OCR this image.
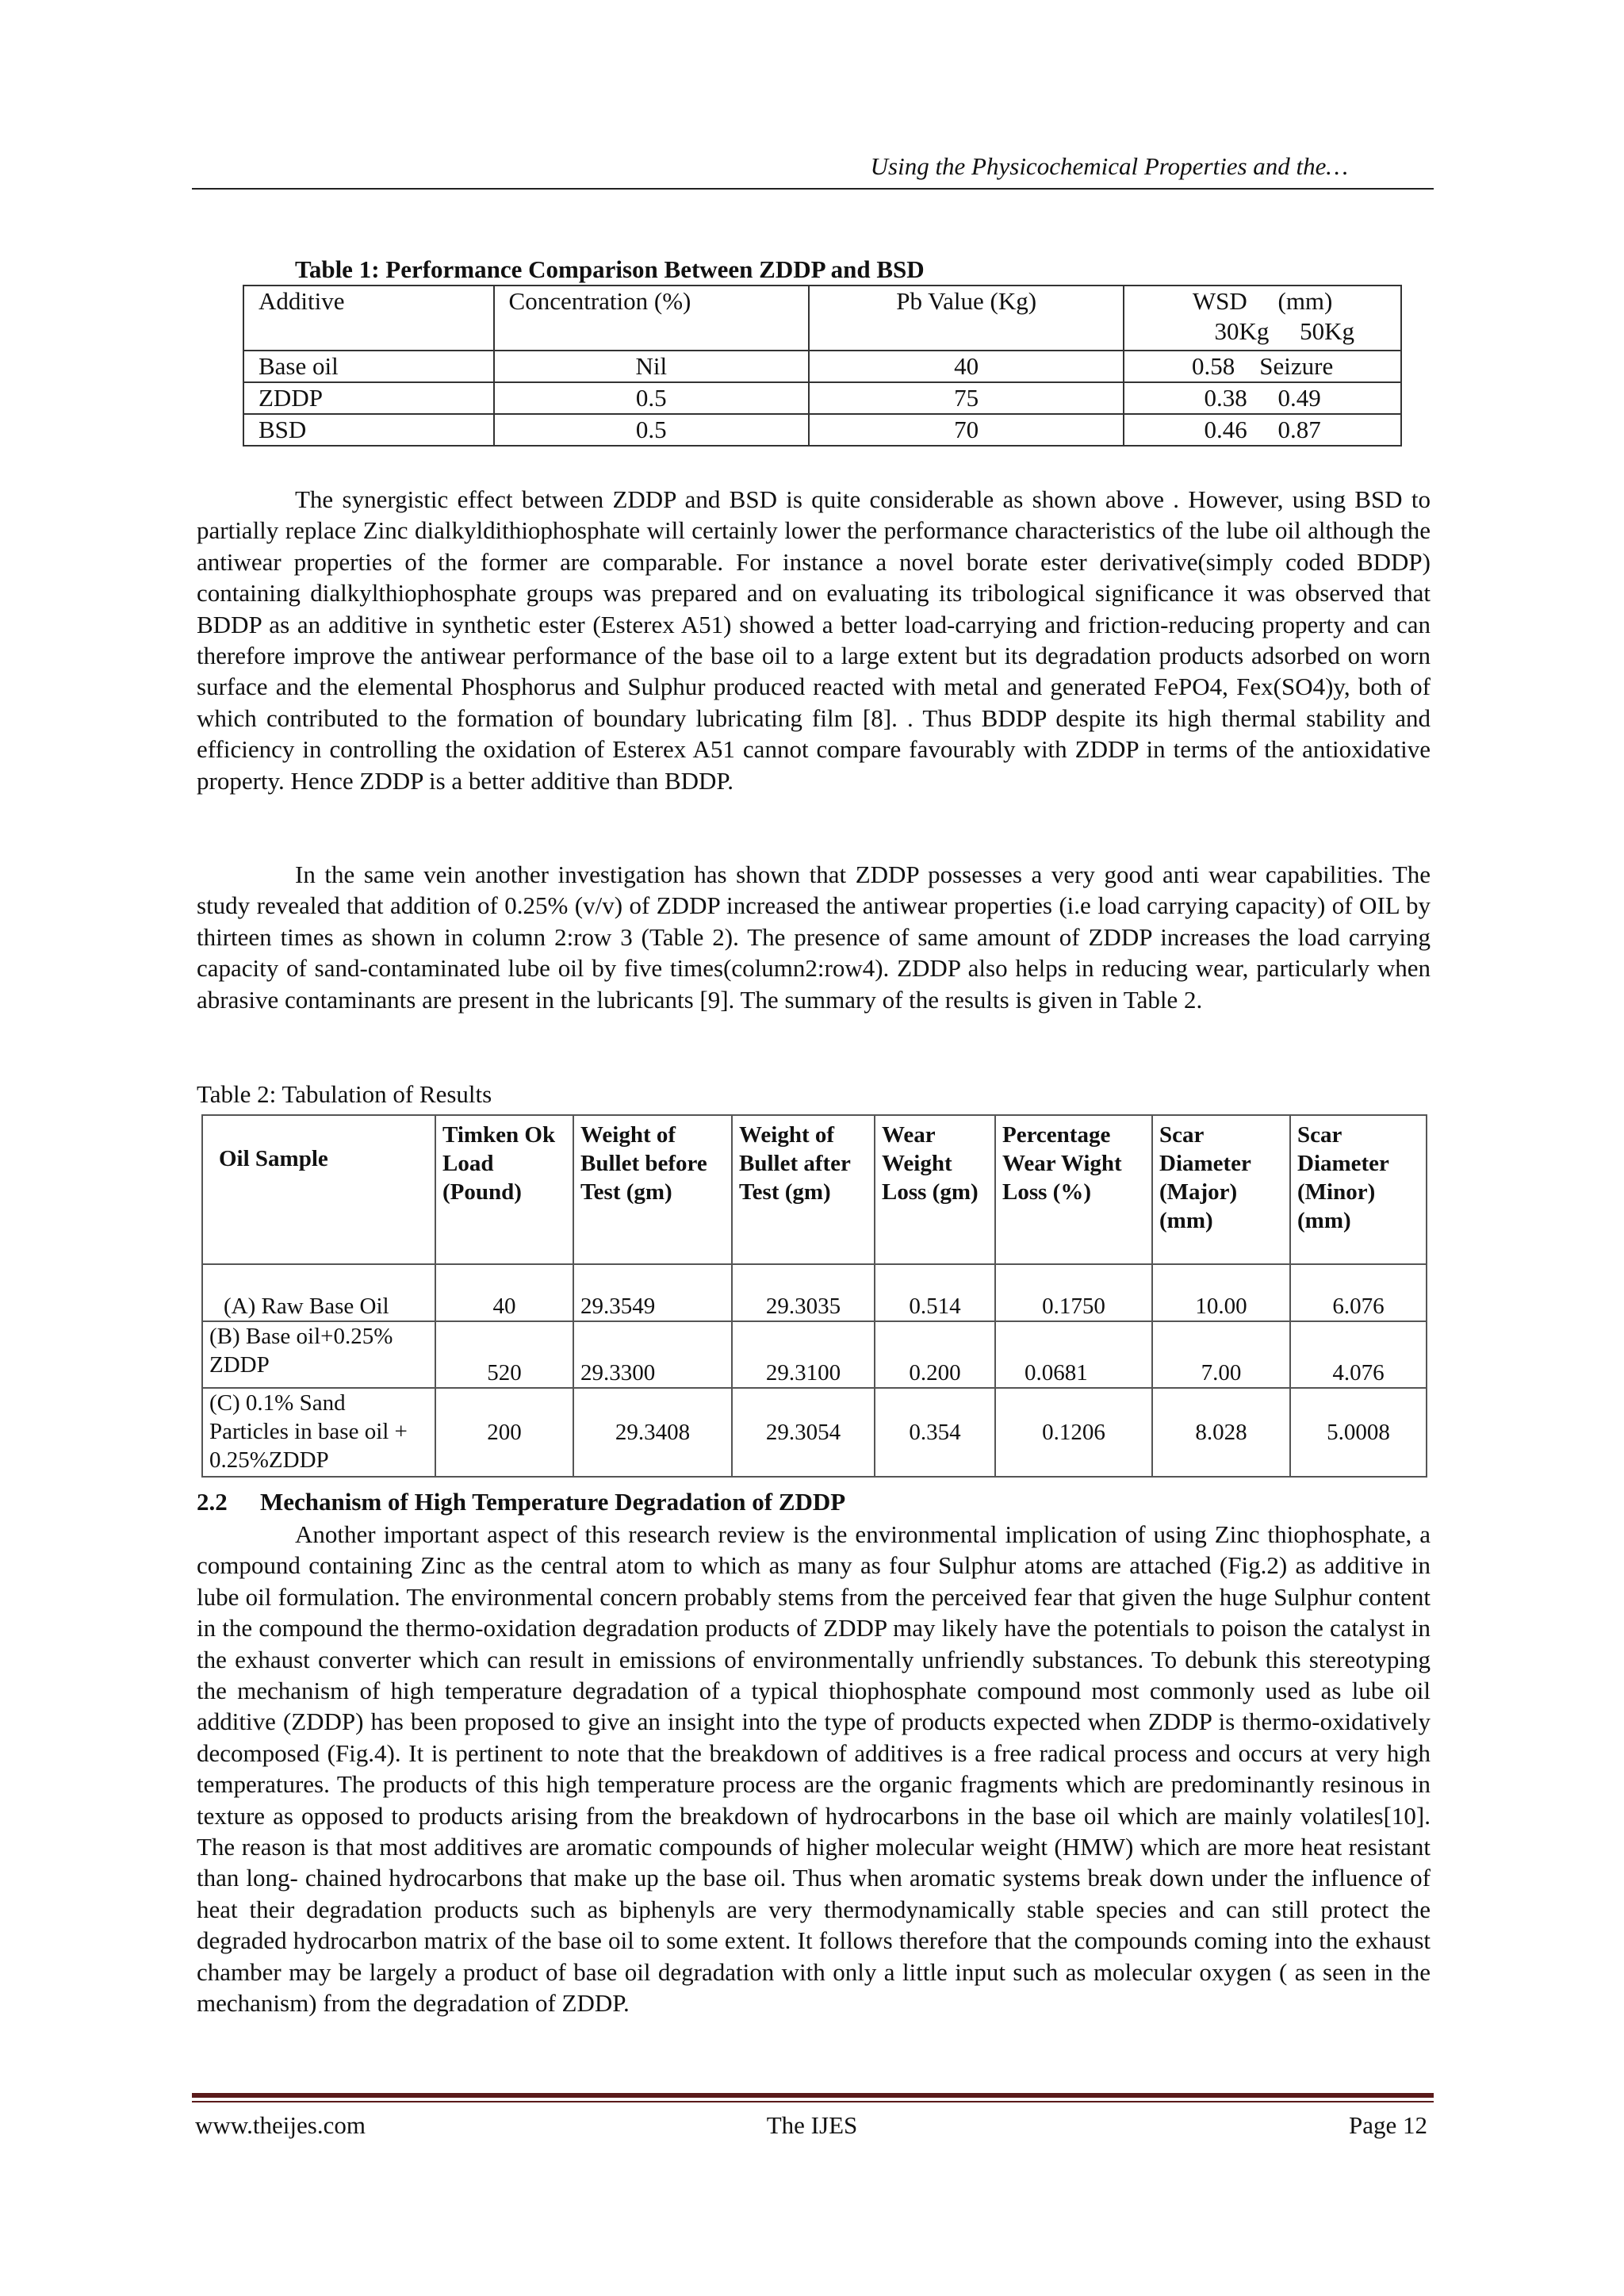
Using the Physicochemical Properties and the…
Table 1: Performance Comparison Between ZDDP and BSD
Additive	Concentration (%)	Pb Value (Kg)	WSD     (mm)
30Kg     50Kg

Base oil	Nil	40	0.58    Seizure
ZDDP	0.5	75	0.38     0.49
BSD	0.5	70	0.46     0.87

The synergistic effect between ZDDP and BSD is quite considerable as shown above . However, using BSD to partially replace Zinc dialkyldithiophosphate will certainly lower the performance characteristics of the lube oil although the antiwear properties of the former are comparable. For instance a novel borate ester derivative(simply coded BDDP) containing dialkylthiophosphate groups was prepared and on evaluating its tribological significance it was observed that BDDP as an additive in synthetic ester (Esterex A51) showed a better load-carrying and friction-reducing property and can therefore improve the antiwear performance of the base oil to a large extent but its degradation products adsorbed on worn surface and the elemental Phosphorus and Sulphur produced reacted with metal and generated FePO4, Fex(SO4)y, both of which contributed to the formation of boundary lubricating film [8]. . Thus BDDP despite its high thermal stability and efficiency in controlling the oxidation of Esterex A51 cannot compare favourably with ZDDP in terms of the antioxidative property. Hence ZDDP is a better additive than BDDP.

In the same vein another investigation has shown that ZDDP possesses a very good anti wear capabilities. The study revealed that addition of 0.25% (v/v) of ZDDP increased the antiwear properties (i.e load carrying capacity) of OIL by thirteen times as shown in column 2:row 3 (Table 2). The presence of same amount of ZDDP increases the load carrying capacity of sand-contaminated lube oil by five times(column2:row4). ZDDP also helps in reducing wear, particularly when abrasive contaminants are present in the lubricants [9]. The summary of the results is given in Table 2.

Table 2: Tabulation of Results
Oil Sample	Timken Ok Load (Pound)	Weight of Bullet before Test (gm)	Weight of Bullet after Test (gm)	Wear Weight Loss (gm)	Percentage Wear Wight Loss (%)	Scar Diameter (Major) (mm)	Scar Diameter (Minor) (mm)
(A) Raw Base Oil	40	29.3549	29.3035	0.514	0.1750	10.00	6.076
(B) Base oil+0.25% ZDDP	520	29.3300	29.3100	0.200	0.0681	7.00	4.076
(C) 0.1% Sand Particles in base oil + 0.25%ZDDP	200	29.3408	29.3054	0.354	0.1206	8.028	5.0008
2.2 Mechanism of High Temperature Degradation of ZDDP

Another important aspect of this research review is the environmental implication of using Zinc thiophosphate, a compound containing Zinc as the central atom to which as many as four Sulphur atoms are attached (Fig.2) as additive in lube oil formulation. The environmental concern probably stems from the perceived fear that given the huge Sulphur content in the compound the thermo-oxidation degradation products of ZDDP may likely have the potentials to poison the catalyst in the exhaust converter which can result in emissions of environmentally unfriendly substances. To debunk this stereotyping the mechanism of high temperature degradation of a typical thiophosphate compound most commonly used as lube oil additive (ZDDP) has been proposed to give an insight into the type of products expected when ZDDP is thermo-oxidatively decomposed (Fig.4). It is pertinent to note that the breakdown of additives is a free radical process and occurs at very high temperatures. The products of this high temperature process are the organic fragments which are predominantly resinous in texture as opposed to products arising from the breakdown of hydrocarbons in the base oil which are mainly volatiles[10]. The reason is that most additives are aromatic compounds of higher molecular weight (HMW) which are more heat resistant than long- chained hydrocarbons that make up the base oil. Thus when aromatic systems break down under the influence of heat their degradation products such as biphenyls are very thermodynamically stable species and can still protect the degraded hydrocarbon matrix of the base oil to some extent. It follows therefore that the compounds coming into the exhaust chamber may be largely a product of base oil degradation with only a little input such as molecular oxygen ( as seen in the mechanism) from the degradation of ZDDP.

The IJES
www.theijes.com	Page 12
